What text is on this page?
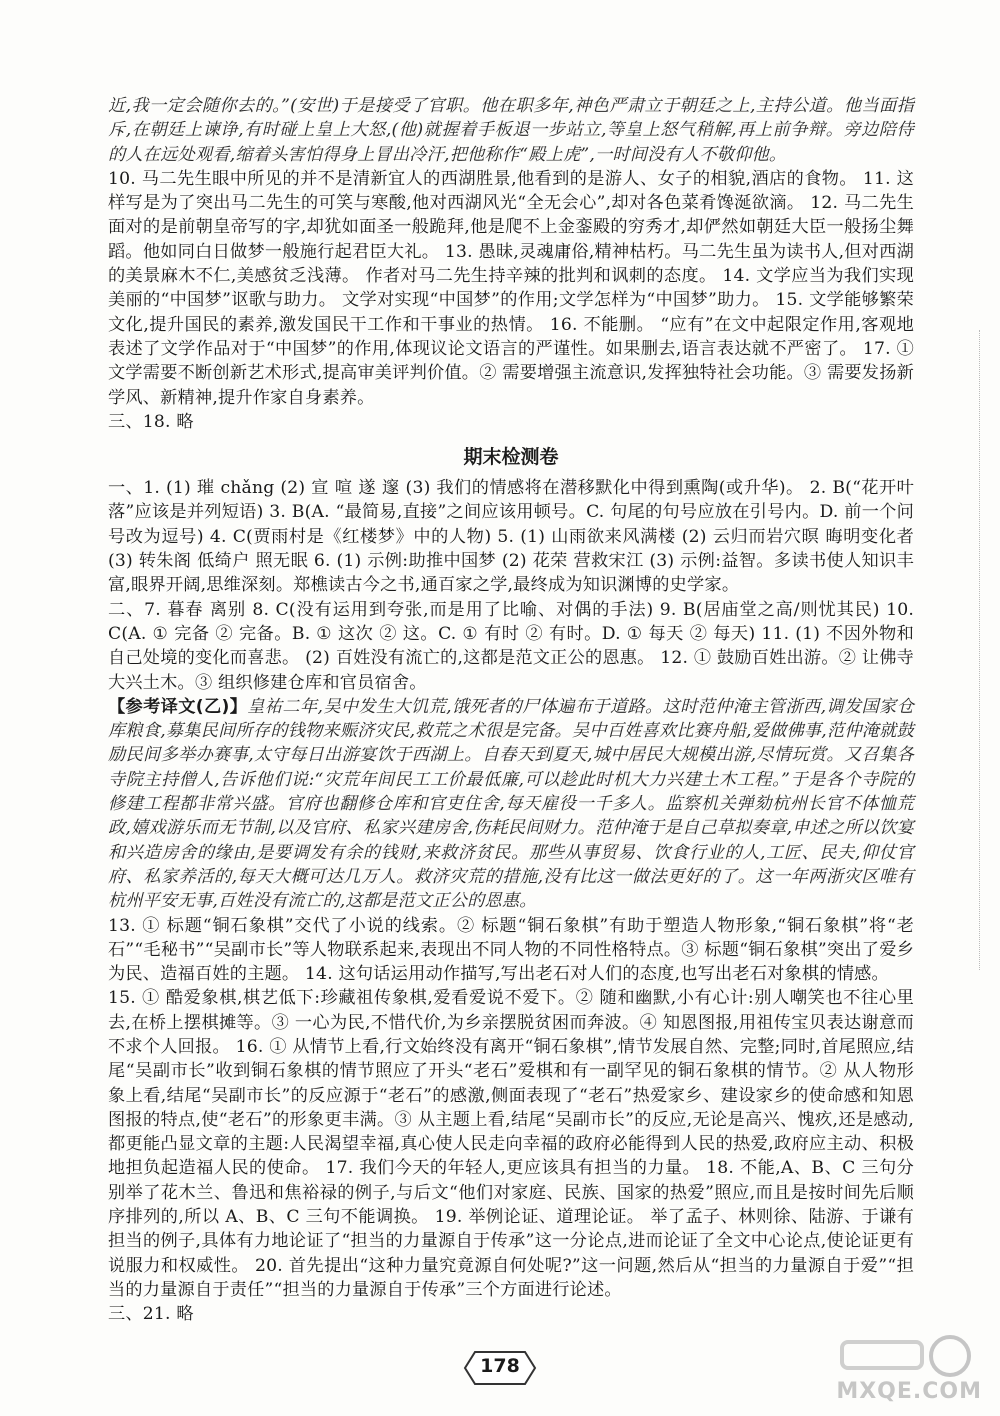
近,我一定会随你去的。”(安世)于是接受了官职。他在职多年,神色严肃立于朝廷之上,主持公道。他当面指斥,在朝廷上谏诤,有时碰上皇上大怒,(他)就握着手板退一步站立,等皇上怒气稍解,再上前争辩。旁边陪侍的人在远处观看,缩着头害怕得身上冒出冷汗,把他称作“殿上虎”,一时间没有人不敬仰他。

10. 马二先生眼中所见的并不是清新宜人的西湖胜景,他看到的是游人、女子的相貌,酒店的食物。 11. 这样写是为了突出马二先生的可笑与寒酸,他对西湖风光“全无会心”,却对各色菜肴馋涎欲滴。 12. 马二先生面对的是前朝皇帝写的字,却犹如面圣一般跪拜,他是爬不上金銮殿的穷秀才,却俨然如朝廷大臣一般扬尘舞蹈。他如同白日做梦一般施行起君臣大礼。 13. 愚昧,灵魂庸俗,精神枯朽。马二先生虽为读书人,但对西湖的美景麻木不仁,美感贫乏浅薄。 作者对马二先生持辛辣的批判和讽刺的态度。 14. 文学应当为我们实现美丽的“中国梦”讴歌与助力。 文学对实现“中国梦”的作用;文学怎样为“中国梦”助力。 15. 文学能够繁荣文化,提升国民的素养,激发国民干工作和干事业的热情。 16. 不能删。 “应有”在文中起限定作用,客观地表述了文学作品对于“中国梦”的作用,体现议论文语言的严谨性。如果删去,语言表达就不严密了。 17. ① 文学需要不断创新艺术形式,提高审美评判价值。② 需要增强主流意识,发挥独特社会功能。③ 需要发扬新学风、新精神,提升作家自身素养。

三、18. 略

期末检测卷

一、1. (1) 璀 chǎng (2) 宣 喧 遂 邃 (3) 我们的情感将在潜移默化中得到熏陶(或升华)。 2. B(“花开叶落”应该是并列短语) 3. B(A. “最简易,直接”之间应该用顿号。C. 句尾的句号应放在引号内。D. 前一个问号改为逗号) 4. C(贾雨村是《红楼梦》中的人物) 5. (1) 山雨欲来风满楼 (2) 云归而岩穴暝 晦明变化者 (3) 转朱阁 低绮户 照无眠 6. (1) 示例:助推中国梦 (2) 花荣 营救宋江 (3) 示例:益智。多读书使人知识丰富,眼界开阔,思维深刻。郑樵读古今之书,通百家之学,最终成为知识渊博的史学家。

二、7. 暮春 离别 8. C(没有运用到夸张,而是用了比喻、对偶的手法) 9. B(居庙堂之高/则忧其民) 10. C(A. ① 完备 ② 完备。B. ① 这次 ② 这。C. ① 有时 ② 有时。D. ① 每天 ② 每天) 11. (1) 不因外物和自己处境的变化而喜悲。 (2) 百姓没有流亡的,这都是范文正公的恩惠。 12. ① 鼓励百姓出游。② 让佛寺大兴土木。③ 组织修建仓库和官员宿舍。

【参考译文(乙)】皇祐二年,吴中发生大饥荒,饿死者的尸体遍布于道路。这时范仲淹主管浙西,调发国家仓库粮食,募集民间所存的钱物来赈济灾民,救荒之术很是完备。吴中百姓喜欢比赛舟船,爱做佛事,范仲淹就鼓励民间多举办赛事,太守每日出游宴饮于西湖上。自春天到夏天,城中居民大规模出游,尽情玩赏。又召集各寺院主持僧人,告诉他们说:“灾荒年间民工工价最低廉,可以趁此时机大力兴建土木工程。”于是各个寺院的修建工程都非常兴盛。官府也翻修仓库和官吏住舍,每天雇役一千多人。监察机关弹劾杭州长官不体恤荒政,嬉戏游乐而无节制,以及官府、私家兴建房舍,伤耗民间财力。范仲淹于是自己草拟奏章,申述之所以饮宴和兴造房舍的缘由,是要调发有余的钱财,来救济贫民。那些从事贸易、饮食行业的人,工匠、民夫,仰仗官府、私家养活的,每天大概可达几万人。救济灾荒的措施,没有比这一做法更好的了。这一年两浙灾区唯有杭州平安无事,百姓没有流亡的,这都是范文正公的恩惠。

13. ① 标题“铜石象棋”交代了小说的线索。② 标题“铜石象棋”有助于塑造人物形象,“铜石象棋”将“老石”“毛秘书”“吴副市长”等人物联系起来,表现出不同人物的不同性格特点。③ 标题“铜石象棋”突出了爱乡为民、造福百姓的主题。 14. 这句话运用动作描写,写出老石对人们的态度,也写出老石对象棋的情感。

15. ① 酷爱象棋,棋艺低下:珍藏祖传象棋,爱看爱说不爱下。② 随和幽默,小有心计:别人嘲笑也不往心里去,在桥上摆棋摊等。③ 一心为民,不惜代价,为乡亲摆脱贫困而奔波。④ 知恩图报,用祖传宝贝表达谢意而不求个人回报。 16. ① 从情节上看,行文始终没有离开“铜石象棋”,情节发展自然、完整;同时,首尾照应,结尾“吴副市长”收到铜石象棋的情节照应了开头“老石”爱棋和有一副罕见的铜石象棋的情节。② 从人物形象上看,结尾“吴副市长”的反应源于“老石”的感激,侧面表现了“老石”热爱家乡、建设家乡的使命感和知恩图报的特点,使“老石”的形象更丰满。③ 从主题上看,结尾“吴副市长”的反应,无论是高兴、愧疚,还是感动,都更能凸显文章的主题:人民渴望幸福,真心使人民走向幸福的政府必能得到人民的热爱,政府应主动、积极地担负起造福人民的使命。 17. 我们今天的年轻人,更应该具有担当的力量。 18. 不能,A、B、C 三句分别举了花木兰、鲁迅和焦裕禄的例子,与后文“他们对家庭、民族、国家的热爱”照应,而且是按时间先后顺序排列的,所以 A、B、C 三句不能调换。 19. 举例论证、道理论证。 举了孟子、林则徐、陆游、于谦有担当的例子,具体有力地论证了“担当的力量源自于传承”这一分论点,进而论证了全文中心论点,使论证更有说服力和权威性。 20. 首先提出“这种力量究竟源自何处呢?”这一问题,然后从“担当的力量源自于爱”“担当的力量源自于责任”“担当的力量源自于传承”三个方面进行论述。

三、21. 略

178
MXQE.COM
